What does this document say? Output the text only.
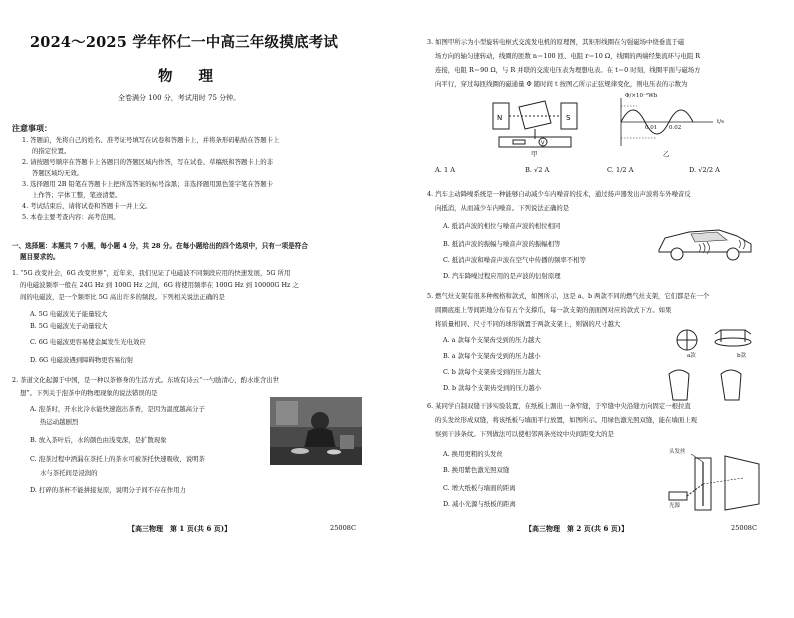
2024～2025 学年怀仁一中高三年级摸底考试
物理
全卷满分 100 分，考试用时 75 分钟。
注意事项：
1. 答题前，先将自己的姓名、准考证号填写在试卷和答题卡上，并将条形码粘贴在答题卡上
的指定位置。
2. 请按题号顺序在答题卡上各题目的答题区域内作答，写在试卷、草稿纸和答题卡上的非
答题区域均无效。
3. 选择题用 2B 铅笔在答题卡上把所选答案的标号涂黑；非选择题用黑色签字笔在答题卡
上作答；字体工整，笔迹清楚。
4. 考试结束后，请将试卷和答题卡一并上交。
5. 本卷主要考查内容：高考范围。
一、选择题：本题共 7 小题，每小题 4 分，共 28 分。在每小题给出的四个选项中，只有一项是符合
题目要求的。
1. “5G 改变社会，6G 改变世界”，近年来，我们见证了电磁波不同频段应用的快速发展，5G 所用
的电磁波频率一般在 24G Hz 到 100G Hz 之间，6G 将使用频率在 100G Hz 到 10000G Hz 之
间的电磁波，是一个频率比 5G 高出许多的频段。下列相关说法正确的是
A. 5G 电磁波光子能量较大
B. 5G 电磁波光子动量较大
C. 6G 电磁波更容易使金属发生光电效应
D. 6G 电磁波遇到障碍物更容易衍射
2. 茶道文化起源于中国，是一种以茶修身的生活方式。东坡有诗云“一勺励清心，酌水谁含出世
想”。下列关于泡茶中的物理现象的说法错误的是
A. 泡茶时，开水比冷水能快速泡出茶香，是因为温度越高分子
热运动越剧烈
B. 放入茶叶后，水的颜色由浅变深，是扩散现象
C. 泡茶过程中洒漏在茶托上的茶水可被茶托快速吸收，说明茶
水与茶托间是浸润的
D. 打碎的茶杯不能拼接复原，说明分子间不存在作用力
【高三物理　第 1 页(共 6 页)】	25008C
3. 如图甲所示为小型旋转电枢式交流发电机的原理图，其矩形线圈在匀强磁场中绕垂直于磁
场方向的轴匀速转动，线圈的匝数 n＝100 匝、电阻 r＝10 Ω，线圈的两端经集流环与电阻 R
连接，电阻 R＝90 Ω，与 R 并联的交流电压表为理想电表。在 t＝0 时刻，线圈平面与磁场方
向平行，穿过每匝线圈的磁通量 Φ 随时间 t 按图乙所示正弦规律变化，则电压表的示数为
N	S
V
甲
Φ/×10⁻²Wb
t/s
0.01 0.02
乙
A. 1 A	B. √2 A	C. 1/2 A	D. √2/2 A
4. 汽车主动降噪系统是一种能够自动减少车内噪音的技术，通过扬声器发出声波将车外噪音反
向抵消，从而减少车内噪音。下列说法正确的是
A. 抵消声波的相位与噪音声波的相位相同
B. 抵消声波的振幅与噪音声波的振幅相等
C. 抵消声波和噪音声波在空气中传播的频率不相等
D. 汽车降噪过程应用的是声波的衍射原理
5. 燃气灶支架有很多种规格和款式，如图所示，这是 a、b 两款不同的燃气灶支架，它们都是在一个
圆圈底座上等间距地分布有五个支撑爪，每一款支架的剖面图对应的款式下方。如果
将质量相同、尺寸不同的球形锅置于两款支架上，则锅的尺寸越大
A. a 款每个支架齿受到的压力越大
B. a 款每个支架齿受到的压力越小
C. b 款每个支架齿受到的压力越大
D. b 款每个支架齿受到的压力越小
a款	b款
6. 某同学自制双缝干涉实验装置，在纸板上割出一条窄缝，于窄缝中央沿缝方向固定一根拉直
的头发丝形成双缝，将该纸板与墙面平行放置，如图所示。用绿色激光照双缝，能在墙面上观
察到干涉条纹。下列做法可以使相邻两条亮纹中央间距变大的是
A. 换用更粗的头发丝
B. 换用紫色激光照双缝
C. 增大纸板与墙面的距离
D. 减小光源与纸板的距离
头发丝
光源
【高三物理　第 2 页(共 6 页)】	25008C
